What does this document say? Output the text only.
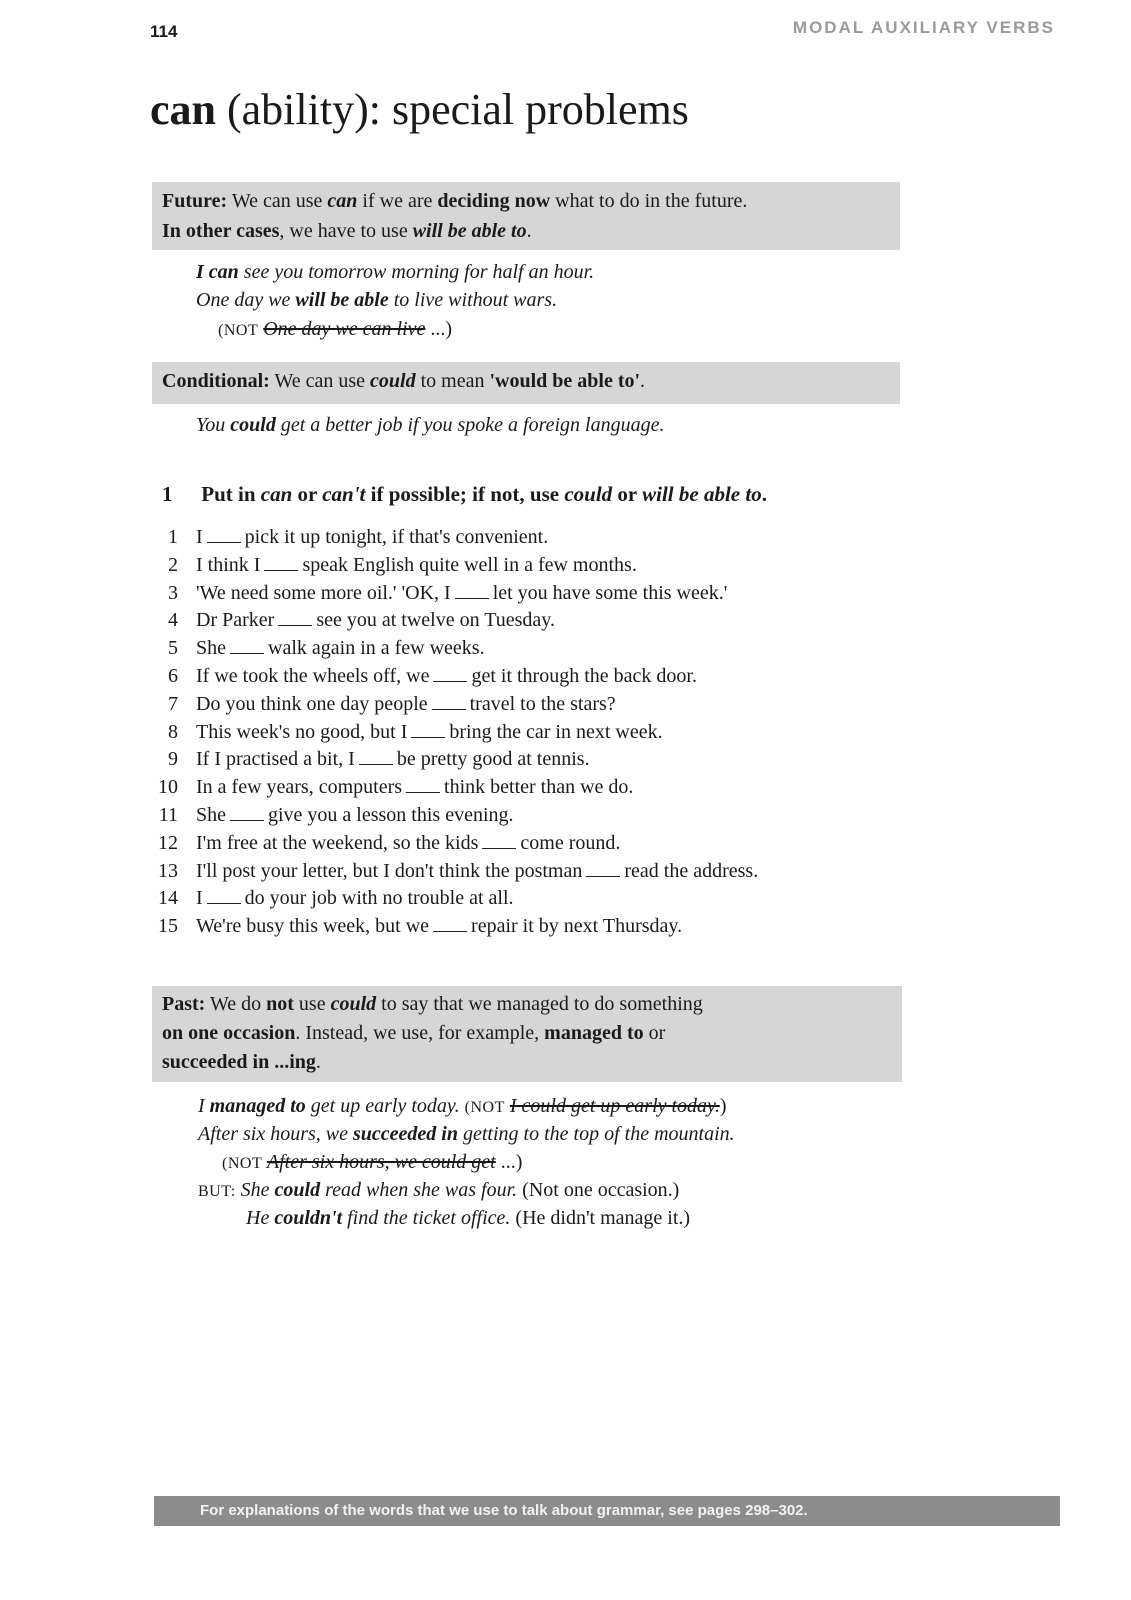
114	MODAL AUXILIARY VERBS
can (ability): special problems
Future: We can use can if we are deciding now what to do in the future.
In other cases, we have to use will be able to.
I can see you tomorrow morning for half an hour.
One day we will be able to live without wars.
(NOT One day we can live ...)
Conditional: We can use could to mean 'would be able to'.
You could get a better job if you spoke a foreign language.
1 Put in can or can't if possible; if not, use could or will be able to.
1 I pick it up tonight, if that's convenient.
2 I think I speak English quite well in a few months.
3 'We need some more oil.' 'OK, I let you have some this week.'
4 Dr Parker see you at twelve on Tuesday.
5 She walk again in a few weeks.
6 If we took the wheels off, we get it through the back door.
7 Do you think one day people travel to the stars?
8 This week's no good, but I bring the car in next week.
9 If I practised a bit, I be pretty good at tennis.
10 In a few years, computers think better than we do.
11 She give you a lesson this evening.
12 I'm free at the weekend, so the kids come round.
13 I'll post your letter, but I don't think the postman read the address.
14 I do your job with no trouble at all.
15 We're busy this week, but we repair it by next Thursday.
Past: We do not use could to say that we managed to do something
on one occasion. Instead, we use, for example, managed to or
succeeded in ...ing.
I managed to get up early today. (NOT I could get up early today.)
After six hours, we succeeded in getting to the top of the mountain.
(NOT After six hours, we could get ...)
BUT: She could read when she was four. (Not one occasion.)
He couldn't find the ticket office. (He didn't manage it.)
For explanations of the words that we use to talk about grammar, see pages 298–302.
